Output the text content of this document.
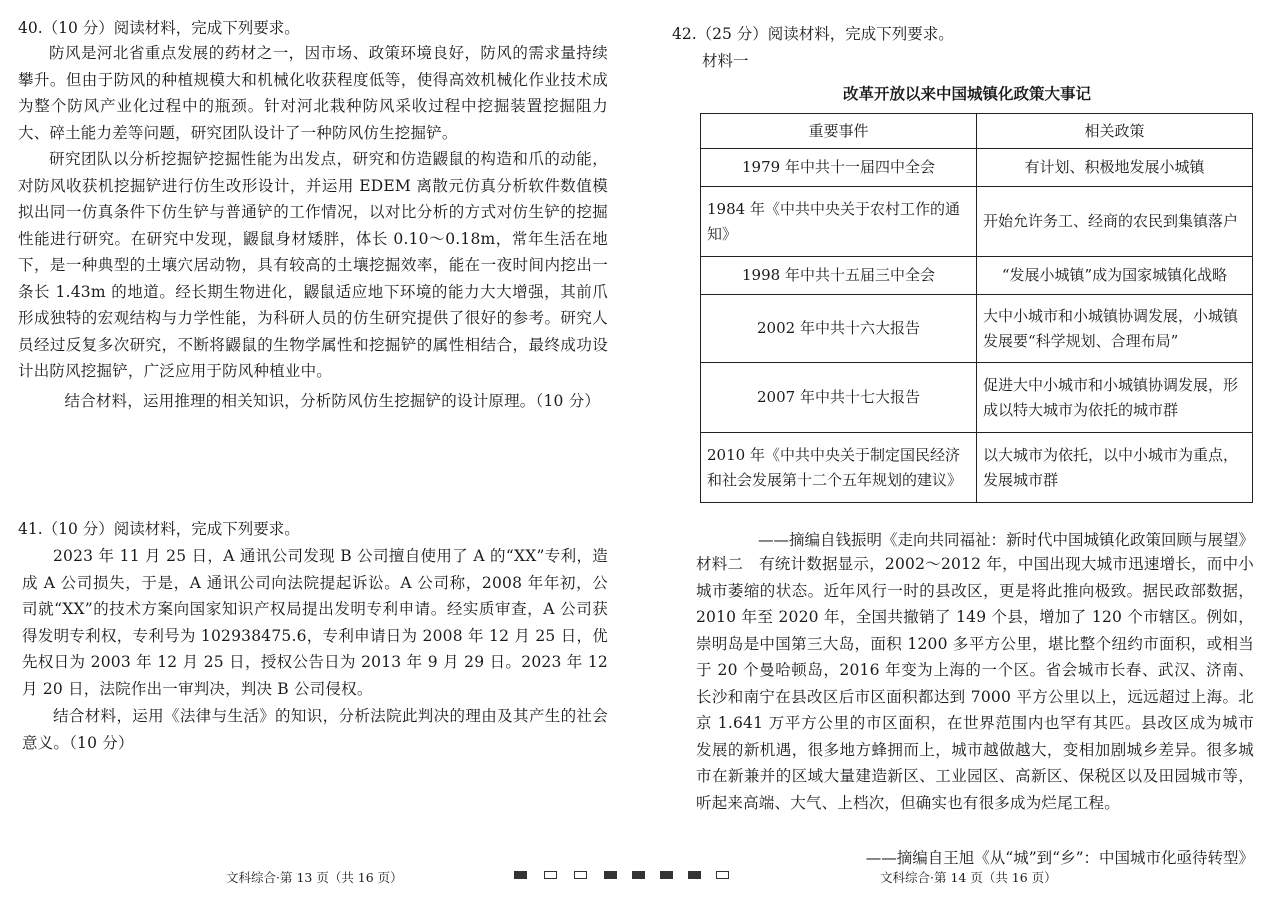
40.（10 分）阅读材料，完成下列要求。
防风是河北省重点发展的药材之一，因市场、政策环境良好，防风的需求量持续攀升。但由于防风的种植规模大和机械化收获程度低等，使得高效机械化作业技术成为整个防风产业化过程中的瓶颈。针对河北栽种防风采收过程中挖掘装置挖掘阻力大、碎土能力差等问题，研究团队设计了一种防风仿生挖掘铲。
研究团队以分析挖掘铲挖掘性能为出发点，研究和仿造鼹鼠的构造和爪的动能，对防风收获机挖掘铲进行仿生改形设计，并运用 EDEM 离散元仿真分析软件数值模拟出同一仿真条件下仿生铲与普通铲的工作情况，以对比分析的方式对仿生铲的挖掘性能进行研究。在研究中发现，鼹鼠身材矮胖，体长 0.10～0.18m，常年生活在地下，是一种典型的土壤穴居动物，具有较高的土壤挖掘效率，能在一夜时间内挖出一条长 1.43m 的地道。经长期生物进化，鼹鼠适应地下环境的能力大大增强，其前爪形成独特的宏观结构与力学性能，为科研人员的仿生研究提供了很好的参考。研究人员经过反复多次研究，不断将鼹鼠的生物学属性和挖掘铲的属性相结合，最终成功设计出防风挖掘铲，广泛应用于防风种植业中。
结合材料，运用推理的相关知识，分析防风仿生挖掘铲的设计原理。（10 分）
41.（10 分）阅读材料，完成下列要求。
2023 年 11 月 25 日，A 通讯公司发现 B 公司擅自使用了 A 的“XX”专利，造成 A 公司损失，于是，A 通讯公司向法院提起诉讼。A 公司称，2008 年年初，公司就“XX”的技术方案向国家知识产权局提出发明专利申请。经实质审查，A 公司获得发明专利权，专利号为 102938475.6，专利申请日为 2008 年 12 月 25 日，优先权日为 2003 年 12 月 25 日，授权公告日为 2013 年 9 月 29 日。2023 年 12 月 20 日，法院作出一审判决，判决 B 公司侵权。
结合材料，运用《法律与生活》的知识，分析法院此判决的理由及其产生的社会意义。（10 分）
文科综合·第 13 页（共 16 页）
42.（25 分）阅读材料，完成下列要求。
材料一
改革开放以来中国城镇化政策大事记
重要事件	相关政策
1979 年中共十一届四中全会	有计划、积极地发展小城镇
1984 年《中共中央关于农村工作的通知》	开始允许务工、经商的农民到集镇落户
1998 年中共十五届三中全会	“发展小城镇”成为国家城镇化战略
2002 年中共十六大报告	大中小城市和小城镇协调发展，小城镇发展要“科学规划、合理布局”
2007 年中共十七大报告	促进大中小城市和小城镇协调发展，形成以特大城市为依托的城市群
2010 年《中共中央关于制定国民经济和社会发展第十二个五年规划的建议》	以大城市为依托，以中小城市为重点，发展城市群
——摘编自钱振明《走向共同福祉：新时代中国城镇化政策回顾与展望》
材料二　有统计数据显示，2002～2012 年，中国出现大城市迅速增长，而中小城市萎缩的状态。近年风行一时的县改区，更是将此推向极致。据民政部数据，2010 年至 2020 年，全国共撤销了 149 个县，增加了 120 个市辖区。例如，崇明岛是中国第三大岛，面积 1200 多平方公里，堪比整个纽约市面积，或相当于 20 个曼哈顿岛，2016 年变为上海的一个区。省会城市长春、武汉、济南、长沙和南宁在县改区后市区面积都达到 7000 平方公里以上，远远超过上海。北京 1.641 万平方公里的市区面积，在世界范围内也罕有其匹。县改区成为城市发展的新机遇，很多地方蜂拥而上，城市越做越大，变相加剧城乡差异。很多城市在新兼并的区域大量建造新区、工业园区、高新区、保税区以及田园城市等，听起来高端、大气、上档次，但确实也有很多成为烂尾工程。
——摘编自王旭《从“城”到“乡”：中国城市化亟待转型》
文科综合·第 14 页（共 16 页）
